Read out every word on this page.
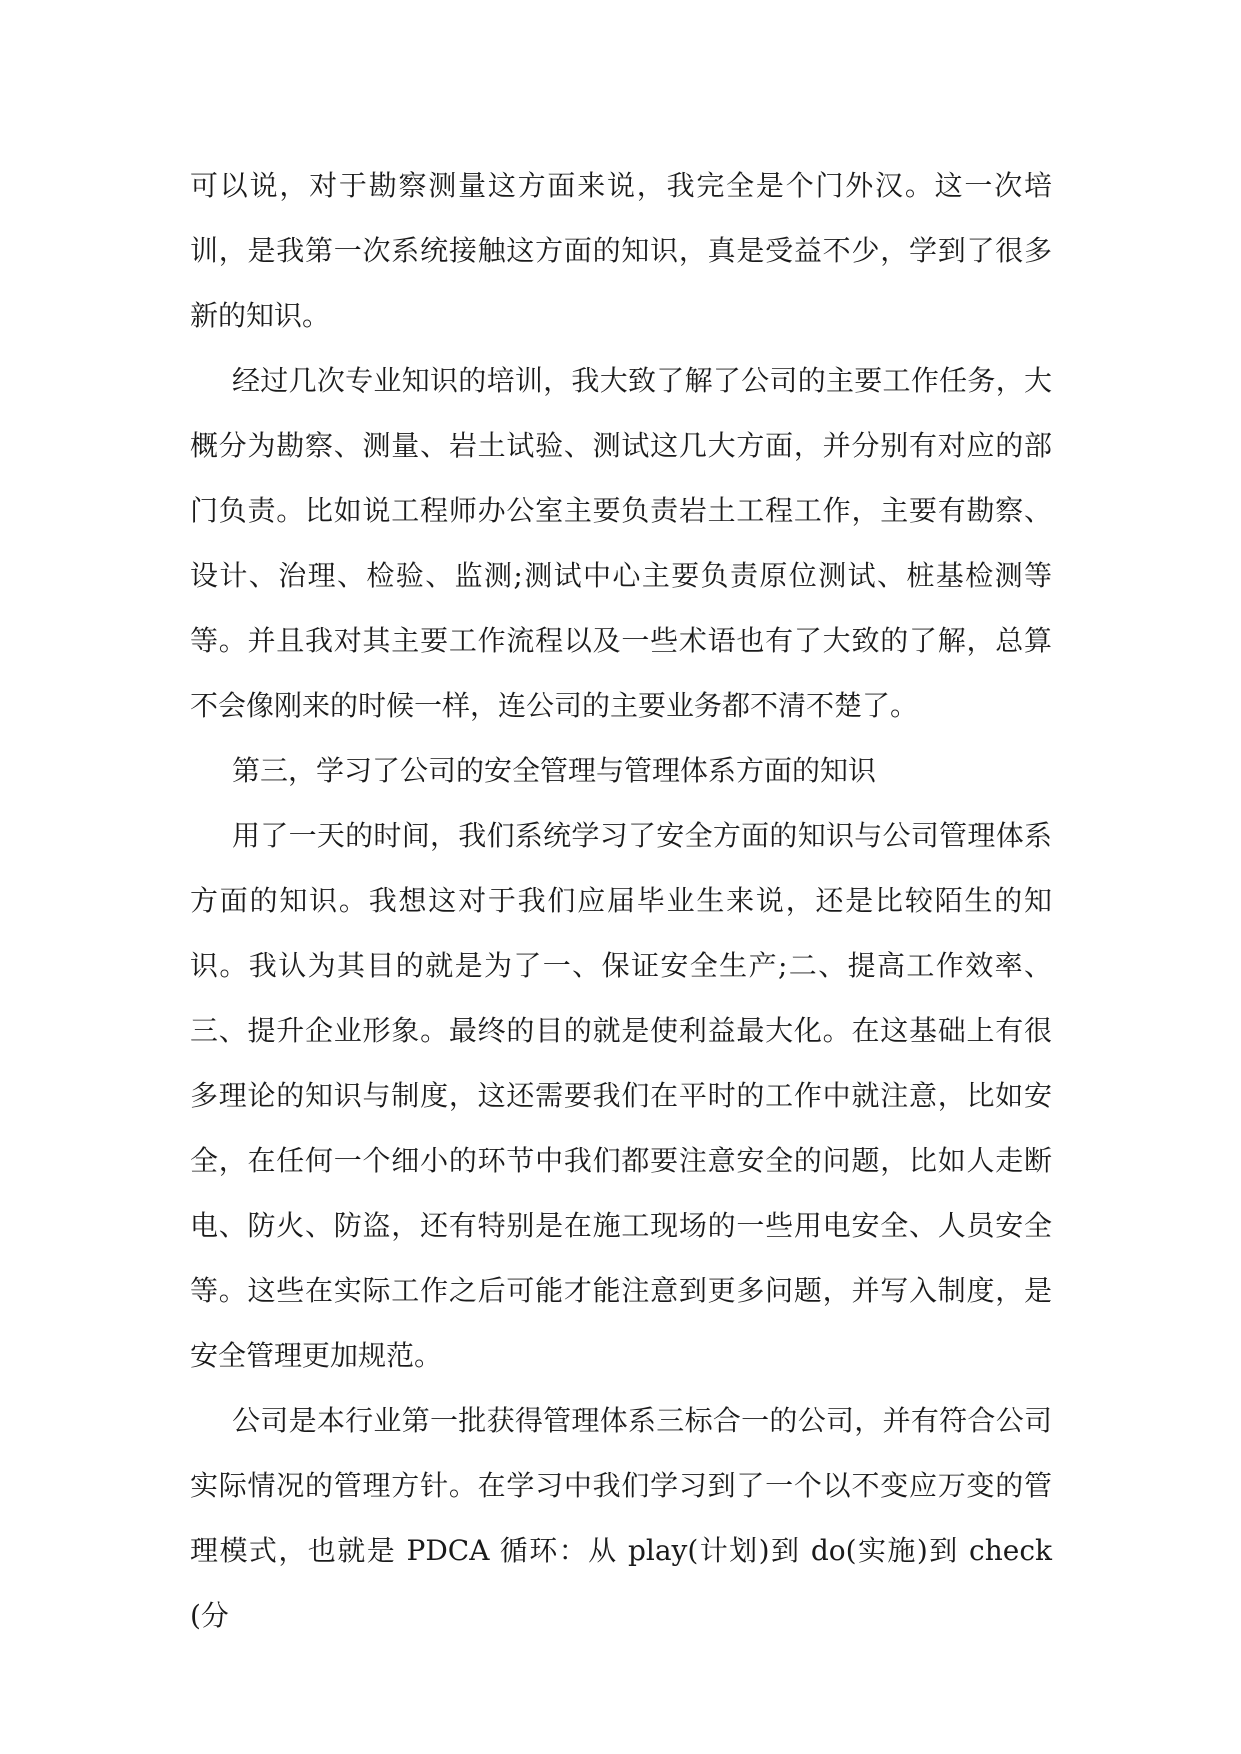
可以说，对于勘察测量这方面来说，我完全是个门外汉。这一次培训，是我第一次系统接触这方面的知识，真是受益不少，学到了很多新的知识。

经过几次专业知识的培训，我大致了解了公司的主要工作任务，大概分为勘察、测量、岩土试验、测试这几大方面，并分别有对应的部门负责。比如说工程师办公室主要负责岩土工程工作，主要有勘察、设计、治理、检验、监测;测试中心主要负责原位测试、桩基检测等等。并且我对其主要工作流程以及一些术语也有了大致的了解，总算不会像刚来的时候一样，连公司的主要业务都不清不楚了。

第三，学习了公司的安全管理与管理体系方面的知识

用了一天的时间，我们系统学习了安全方面的知识与公司管理体系方面的知识。我想这对于我们应届毕业生来说，还是比较陌生的知识。我认为其目的就是为了一、保证安全生产;二、提高工作效率、三、提升企业形象。最终的目的就是使利益最大化。在这基础上有很多理论的知识与制度，这还需要我们在平时的工作中就注意，比如安全，在任何一个细小的环节中我们都要注意安全的问题，比如人走断电、防火、防盗，还有特别是在施工现场的一些用电安全、人员安全等。这些在实际工作之后可能才能注意到更多问题，并写入制度，是安全管理更加规范。

公司是本行业第一批获得管理体系三标合一的公司，并有符合公司实际情况的管理方针。在学习中我们学习到了一个以不变应万变的管理模式，也就是 PDCA 循环：从 play(计划)到 do(实施)到 check(分
